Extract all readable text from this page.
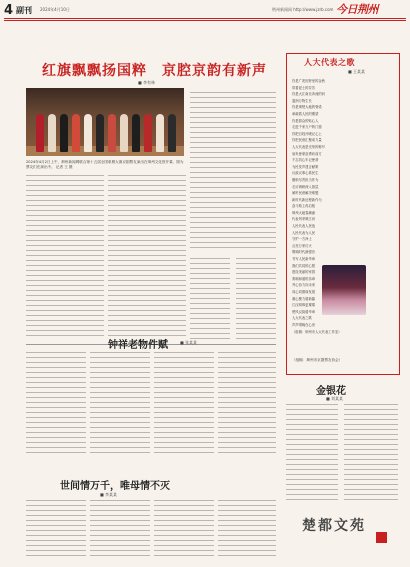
4 副刊 2024年4月10日	荆州新闻网 http://www.jzrb.com 今日荆州
红旗飘飘扬国粹　京腔京韵有新声
■ 李有林
2024年4月2日上午，荆州新闻网联合第十五届全国象棋大赛京剧票友演出在荆州文化馆开幕，图为票友们在演出中。 记者 王 摄
人大代表之歌
■ 王某某
你是广袤田野里的金秋
带着泥土的芬芳
你是大江南北奔流的河
滋润万物生长
你是荆楚大地的脊梁
承载着人民的期望
你是群众的贴心人
走进千家万户的门窗
你把百姓冷暖记心上
你把民意汇聚成力量
人大代表是光荣的称号
肩负使命奋勇向前方
不忘初心牢记使命
为民发声建言献策
议政议事心系民生
履职尽责担当作为
走访调研深入基层
倾听民意解决难题
新时代新征程新作为
奋斗路上再启航
荆州大地春潮涌
代表风采映江河
人民代表人民选
人民代表为人民
守护一方净土
点亮万家灯火
唱响时代最强音
书写人民新华章
我们共同的心愿
建设美丽的家园
奏响和谐的乐章
齐心协力向未来
同心同德谋发展
凝心聚力谱新篇
江汉明珠更璀璨
楚风汉韵谱华章
人大代表之歌
声声唱响在心房
（组稿：荆州市人大代表工作室）
（组稿：荆州市京剧票友协会）
钟祥老物件赋	■ 张某某
世间情万千，唯母情不灭
■ 李某某
金银花
■ 刘某某
楚都文苑
